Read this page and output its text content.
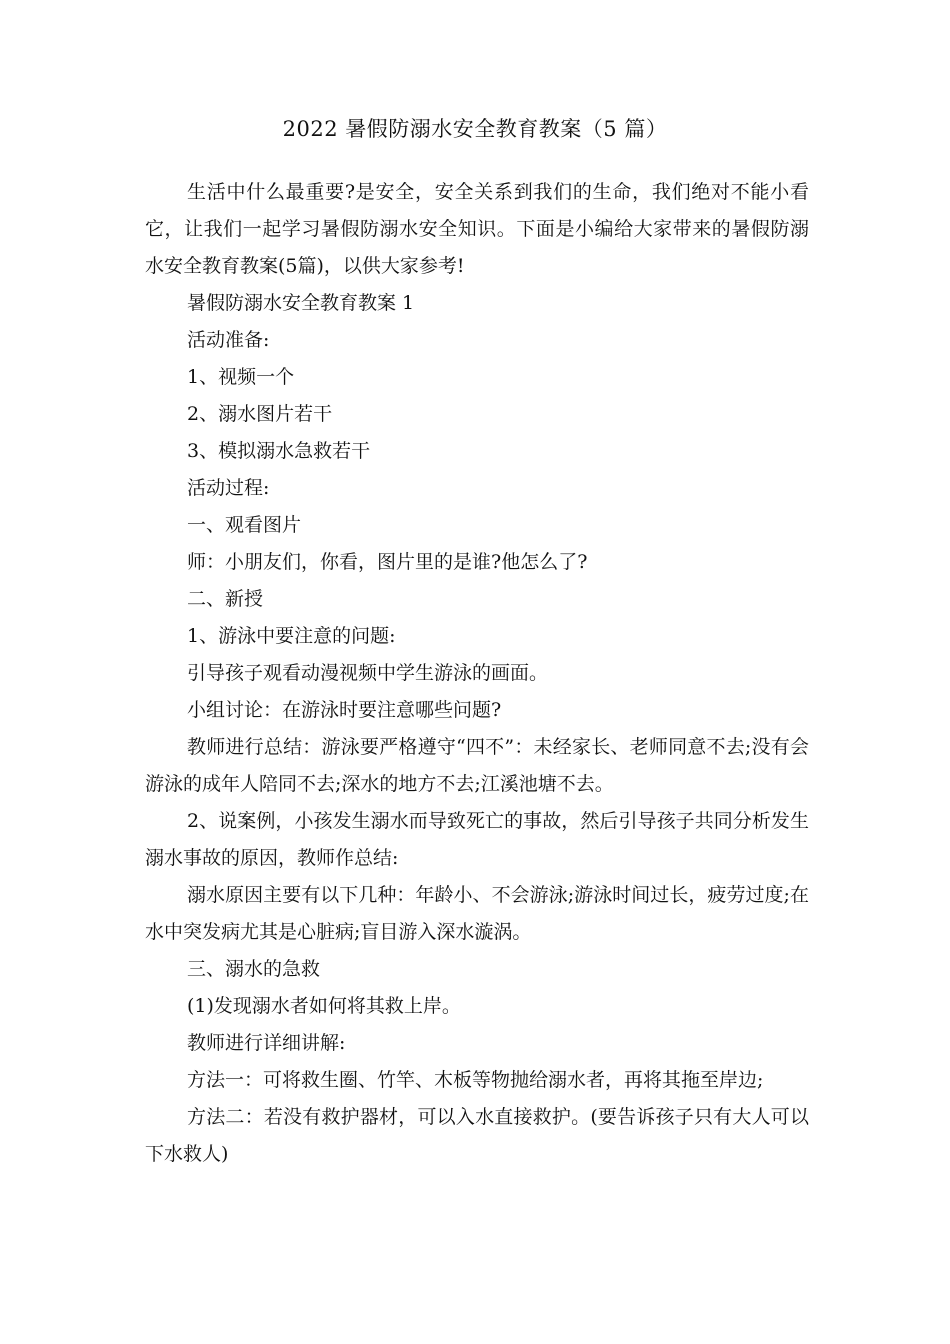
2022 暑假防溺水安全教育教案（5 篇）

生活中什么最重要?是安全，安全关系到我们的生命，我们绝对不能小看它，让我们一起学习暑假防溺水安全知识。下面是小编给大家带来的暑假防溺水安全教育教案(5篇)，以供大家参考!

暑假防溺水安全教育教案 1

活动准备:

1、视频一个

2、溺水图片若干

3、模拟溺水急救若干

活动过程:

一、观看图片

师：小朋友们，你看，图片里的是谁?他怎么了?

二、新授

1、游泳中要注意的问题:

引导孩子观看动漫视频中学生游泳的画面。

小组讨论：在游泳时要注意哪些问题?

教师进行总结：游泳要严格遵守“四不”：未经家长、老师同意不去;没有会游泳的成年人陪同不去;深水的地方不去;江溪池塘不去。

2、说案例，小孩发生溺水而导致死亡的事故，然后引导孩子共同分析发生溺水事故的原因，教师作总结:

溺水原因主要有以下几种：年龄小、不会游泳;游泳时间过长，疲劳过度;在水中突发病尤其是心脏病;盲目游入深水漩涡。

三、溺水的急救

(1)发现溺水者如何将其救上岸。

教师进行详细讲解:

方法一：可将救生圈、竹竿、木板等物抛给溺水者，再将其拖至岸边;

方法二：若没有救护器材，可以入水直接救护。(要告诉孩子只有大人可以下水救人)
